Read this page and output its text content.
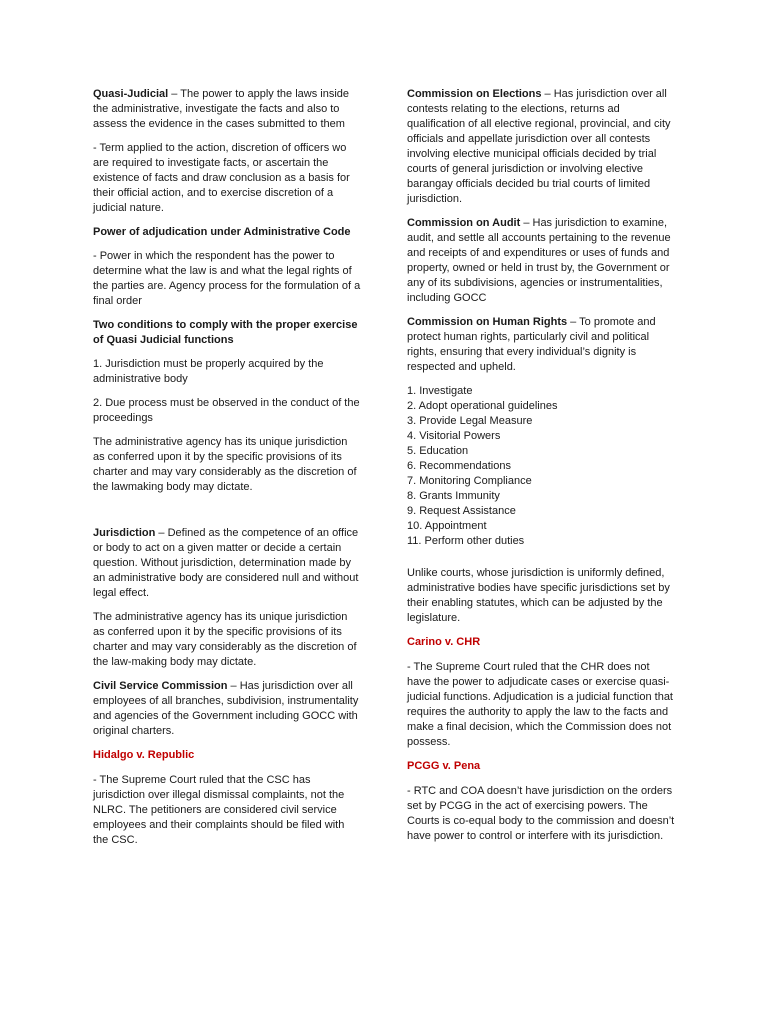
Quasi-Judicial – The power to apply the laws inside the administrative, investigate the facts and also to assess the evidence in the cases submitted to them

- Term applied to the action, discretion of officers wo are required to investigate facts, or ascertain the existence of facts and draw conclusion as a basis for their official action, and to exercise discretion of a judicial nature.

Power of adjudication under Administrative Code

- Power in which the respondent has the power to determine what the law is and what the legal rights of the parties are. Agency process for the formulation of a final order

Two conditions to comply with the proper exercise of Quasi Judicial functions

1. Jurisdiction must be properly acquired by the administrative body

2. Due process must be observed in the conduct of the proceedings

The administrative agency has its unique jurisdiction as conferred upon it by the specific provisions of its charter and may vary considerably as the discretion of the lawmaking body may dictate.

Jurisdiction – Defined as the competence of an office or body to act on a given matter or decide a certain question. Without jurisdiction, determination made by an administrative body are considered null and without legal effect.

The administrative agency has its unique jurisdiction as conferred upon it by the specific provisions of its charter and may vary considerably as the discretion of the law-making body may dictate.

Civil Service Commission – Has jurisdiction over all employees of all branches, subdivision, instrumentality and agencies of the Government including GOCC with original charters.

Hidalgo v. Republic

- The Supreme Court ruled that the CSC has jurisdiction over illegal dismissal complaints, not the NLRC. The petitioners are considered civil service employees and their complaints should be filed with the CSC.

Commission on Elections – Has jurisdiction over all contests relating to the elections, returns ad qualification of all elective regional, provincial, and city officials and appellate jurisdiction over all contests involving elective municipal officials decided by trial courts of general jurisdiction or involving elective barangay officials decided bu trial courts of limited jurisdiction.

Commission on Audit – Has jurisdiction to examine, audit, and settle all accounts pertaining to the revenue and receipts of and expenditures or uses of funds and property, owned or held in trust by, the Government or any of its subdivisions, agencies or instrumentalities, including GOCC

Commission on Human Rights – To promote and protect human rights, particularly civil and political rights, ensuring that every individual’s dignity is respected and upheld.

1. Investigate
2. Adopt operational guidelines
3. Provide Legal Measure
4. Visitorial Powers
5. Education
6. Recommendations
7. Monitoring Compliance
8. Grants Immunity
9. Request Assistance
10. Appointment
11. Perform other duties

Unlike courts, whose jurisdiction is uniformly defined, administrative bodies have specific jurisdictions set by their enabling statutes, which can be adjusted by the legislature.

Carino v. CHR

- The Supreme Court ruled that the CHR does not have the power to adjudicate cases or exercise quasi-judicial functions. Adjudication is a judicial function that requires the authority to apply the law to the facts and make a final decision, which the Commission does not possess.

PCGG v. Pena

- RTC and COA doesn’t have jurisdiction on the orders set by PCGG in the act of exercising powers. The Courts is co-equal body to the commission and doesn’t have power to control or interfere with its jurisdiction.
